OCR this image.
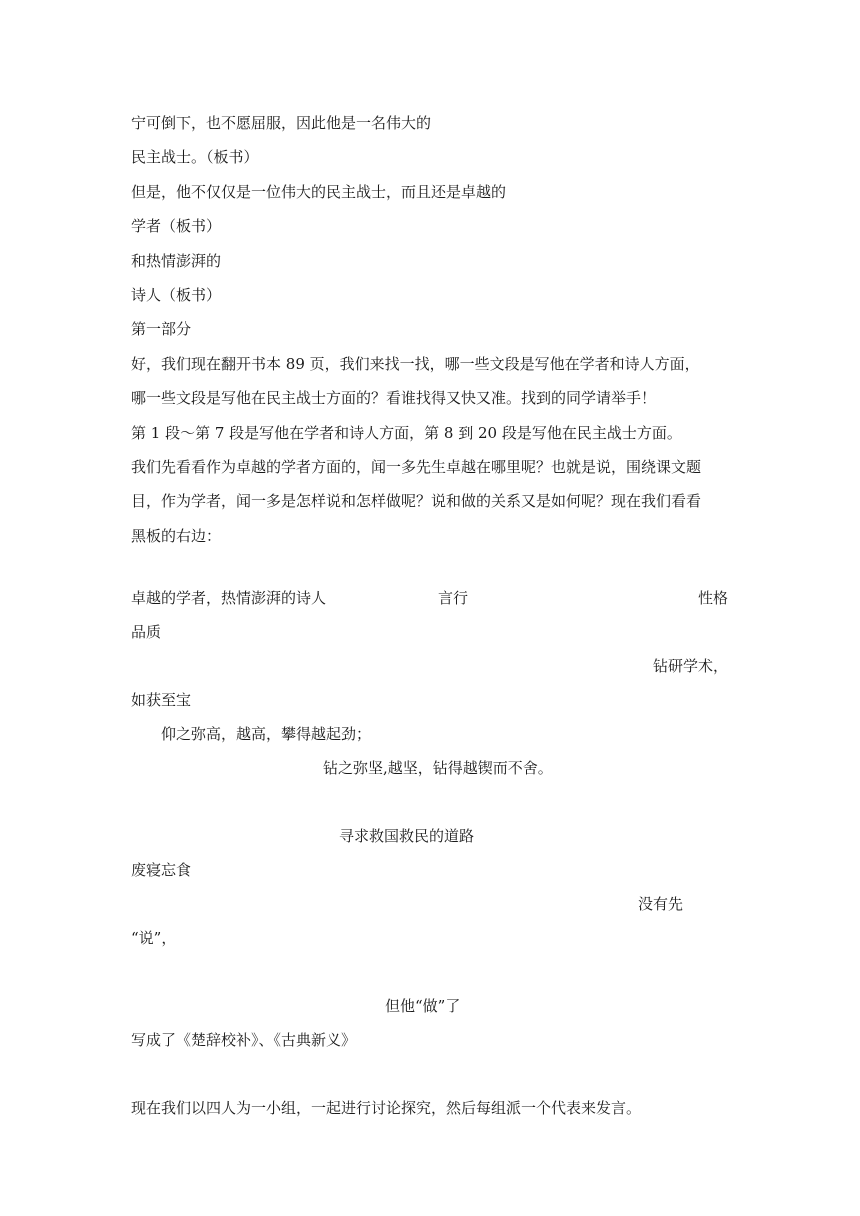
宁可倒下，也不愿屈服，因此他是一名伟大的
民主战士。（板书）
但是，他不仅仅是一位伟大的民主战士，而且还是卓越的
学者（板书）
和热情澎湃的
诗人（板书）
第一部分
好，我们现在翻开书本 89 页，我们来找一找，哪一些文段是写他在学者和诗人方面，
哪一些文段是写他在民主战士方面的？看谁找得又快又准。找到的同学请举手！
第 1 段～第 7 段是写他在学者和诗人方面，第 8 到 20 段是写他在民主战士方面。
我们先看看作为卓越的学者方面的，闻一多先生卓越在哪里呢？也就是说，围绕课文题
目，作为学者，闻一多是怎样说和怎样做呢？说和做的关系又是如何呢？现在我们看看
黑板的右边：
卓越的学者，热情澎湃的诗人	言行	性格
品质
钻研学术，
如获至宝
仰之弥高，越高，攀得越起劲；
钻之弥坚,越坚，钻得越锲而不舍。
寻求救国救民的道路
废寝忘食
没有先
“说”，
但他“做”了
写成了《楚辞校补》、《古典新义》
现在我们以四人为一小组，一起进行讨论探究，然后每组派一个代表来发言。
